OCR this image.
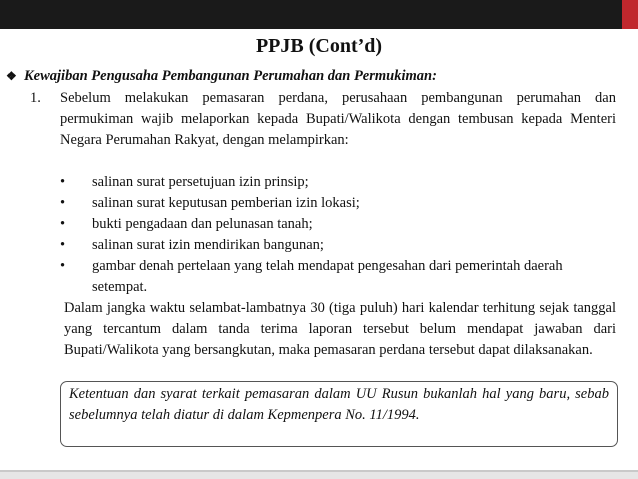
PPJB (Cont’d)
❖ Kewajiban Pengusaha Pembangunan Perumahan dan Permukiman:
1. Sebelum melakukan pemasaran perdana, perusahaan pembangunan perumahan dan permukiman wajib melaporkan kepada Bupati/Walikota dengan tembusan kepada Menteri Negara Perumahan Rakyat, dengan melampirkan:

•	salinan surat persetujuan izin prinsip;
•	salinan surat keputusan pemberian izin lokasi;
•	bukti pengadaan dan pelunasan tanah;
•	salinan surat izin mendirikan bangunan;
•	gambar denah pertelaan yang telah mendapat pengesahan dari pemerintah daerah setempat.

Dalam jangka waktu selambat-lambatnya 30 (tiga puluh) hari kalendar terhitung sejak tanggal yang tercantum dalam tanda terima laporan tersebut belum mendapat jawaban dari Bupati/Walikota yang bersangkutan, maka pemasaran perdana tersebut dapat dilaksanakan.

Ketentuan dan syarat terkait pemasaran dalam UU Rusun bukanlah hal yang baru, sebab sebelumnya telah diatur di dalam Kepmenpera No. 11/1994.
